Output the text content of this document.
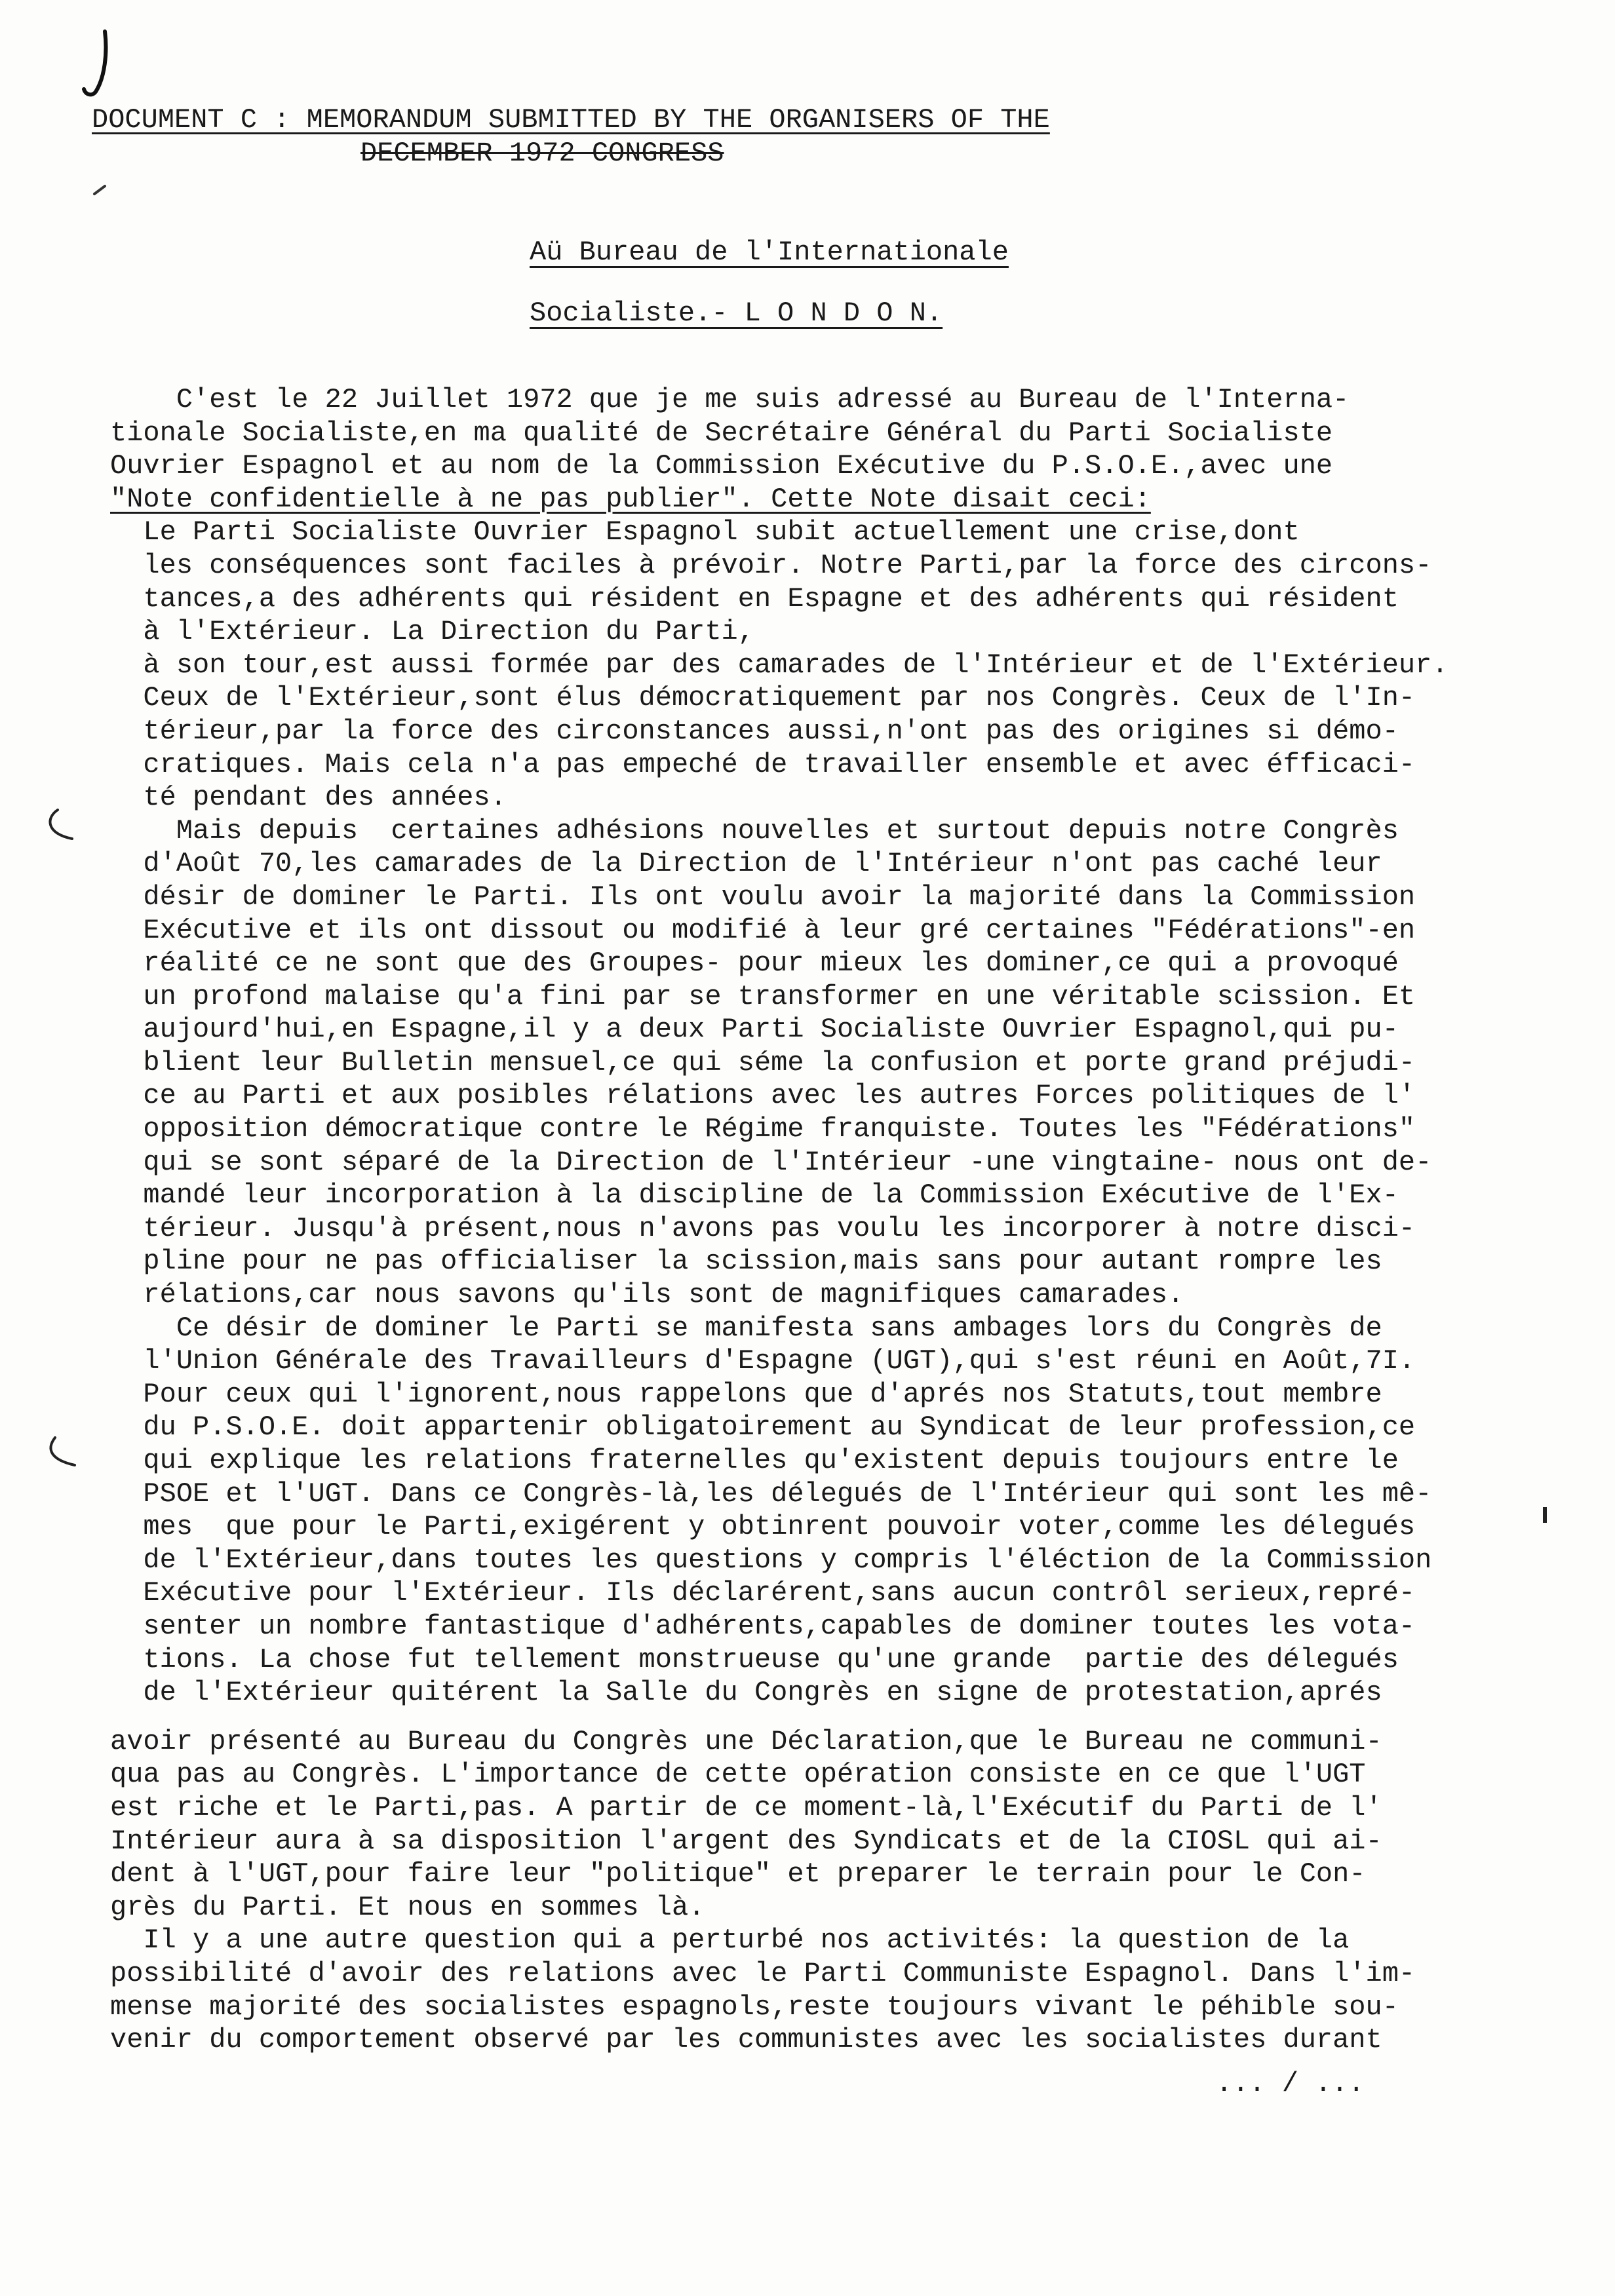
DOCUMENT C : MEMORANDUM SUBMITTED BY THE ORGANISERS OF THE
DECEMBER 1972 CONGRESS
Aü Bureau de l'Internationale
Socialiste.- L O N D O N.
C'est le 22 Juillet 1972 que je me suis adressé au Bureau de l'Interna-
tionale Socialiste,en ma qualité de Secrétaire Général du Parti Socialiste
Ouvrier Espagnol et au nom de la Commission Exécutive du P.S.O.E.,avec une
"Note confidentielle à ne pas publier". Cette Note disait ceci:
Le Parti Socialiste Ouvrier Espagnol subit actuellement une crise,dont
les conséquences sont faciles à prévoir. Notre Parti,par la force des circons-
tances,a des adhérents qui résident en Espagne et des adhérents qui résident
à l'Extérieur. La Direction du Parti,
à son tour,est aussi formée par des camarades de l'Intérieur et de l'Extérieur.
Ceux de l'Extérieur,sont élus démocratiquement par nos Congrès. Ceux de l'In-
térieur,par la force des circonstances aussi,n'ont pas des origines si démo-
cratiques. Mais cela n'a pas empeché de travailler ensemble et avec éfficaci-
té pendant des années.
Mais depuis  certaines adhésions nouvelles et surtout depuis notre Congrès
d'Août 70,les camarades de la Direction de l'Intérieur n'ont pas caché leur
désir de dominer le Parti. Ils ont voulu avoir la majorité dans la Commission
Exécutive et ils ont dissout ou modifié à leur gré certaines "Fédérations"-en
réalité ce ne sont que des Groupes- pour mieux les dominer,ce qui a provoqué
un profond malaise qu'a fini par se transformer en une véritable scission. Et
aujourd'hui,en Espagne,il y a deux Parti Socialiste Ouvrier Espagnol,qui pu-
blient leur Bulletin mensuel,ce qui séme la confusion et porte grand préjudi-
ce au Parti et aux posibles rélations avec les autres Forces politiques de l'
opposition démocratique contre le Régime franquiste. Toutes les "Fédérations"
qui se sont séparé de la Direction de l'Intérieur -une vingtaine- nous ont de-
mandé leur incorporation à la discipline de la Commission Exécutive de l'Ex-
térieur. Jusqu'à présent,nous n'avons pas voulu les incorporer à notre disci-
pline pour ne pas officialiser la scission,mais sans pour autant rompre les
rélations,car nous savons qu'ils sont de magnifiques camarades.
Ce désir de dominer le Parti se manifesta sans ambages lors du Congrès de
l'Union Générale des Travailleurs d'Espagne (UGT),qui s'est réuni en Août,7I.
Pour ceux qui l'ignorent,nous rappelons que d'aprés nos Statuts,tout membre
du P.S.O.E. doit appartenir obligatoirement au Syndicat de leur profession,ce
qui explique les relations fraternelles qu'existent depuis toujours entre le
PSOE et l'UGT. Dans ce Congrès-là,les délegués de l'Intérieur qui sont les mê-
mes  que pour le Parti,exigérent y obtinrent pouvoir voter,comme les délegués
de l'Extérieur,dans toutes les questions y compris l'éléction de la Commission
Exécutive pour l'Extérieur. Ils déclarérent,sans aucun contrôl serieux,repré-
senter un nombre fantastique d'adhérents,capables de dominer toutes les vota-
tions. La chose fut tellement monstrueuse qu'une grande  partie des délegués
de l'Extérieur quitérent la Salle du Congrès en signe de protestation,aprés
avoir présenté au Bureau du Congrès une Déclaration,que le Bureau ne communi-
qua pas au Congrès. L'importance de cette opération consiste en ce que l'UGT
est riche et le Parti,pas. A partir de ce moment-là,l'Exécutif du Parti de l'
Intérieur aura à sa disposition l'argent des Syndicats et de la CIOSL qui ai-
dent à l'UGT,pour faire leur "politique" et preparer le terrain pour le Con-
grès du Parti. Et nous en sommes là.
Il y a une autre question qui a perturbé nos activités: la question de la
possibilité d'avoir des relations avec le Parti Communiste Espagnol. Dans l'im-
mense majorité des socialistes espagnols,reste toujours vivant le péhible sou-
venir du comportement observé par les communistes avec les socialistes durant
... / ...
